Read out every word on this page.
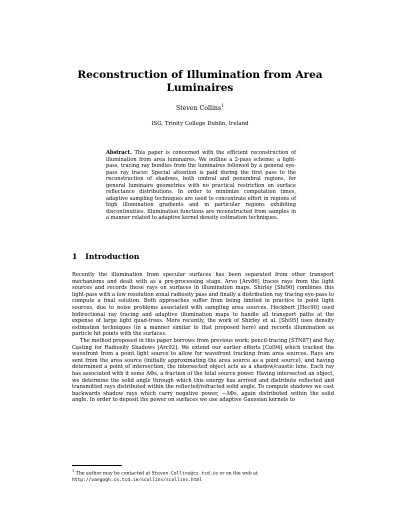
Reconstruction of Illumination from Area Luminaires
Steven Collins$^1$
ISG, Trinity College Dublin, Ireland

Abstract. This paper is concerned with the efficient reconstruction of illumination from area luminaires. We outline a 2-pass scheme; a light-pass, tracing ray bundles from the luminaires followed by a general eye-pass ray tracer. Special attention is paid during the first pass to the reconstruction of shadows, both umbral and penumbral regions, for general luminaire geometries with no practical restriction on surface reflectance distributions. In order to minimize computation times, adaptive sampling techniques are used to concentrate effort in regions of high illumination gradients and in particular regions exhibiting discontinuities. Illumination functions are reconstructed from samples in a manner related to adaptive kernel density estimation techniques.

1 Introduction

Recently the illumination from specular surfaces has been separated from other transport mechanisms and dealt with as a pre-processing stage. Arvo [Arv86] traces rays from the light sources and records these rays on surfaces in illumination maps. Shirley [Shi90] combines this light-pass with a low resolution zonal radiosity pass and finally a distribution ray tracing eye-pass to compute a final solution. Both approaches suffer from being limited in practice to point light sources, due to noise problems associated with sampling area sources. Heckbert [Hec90] used bidirectional ray tracing and adaptive illumination maps to handle all transport paths at the expense of large light quad-trees. More recently, the work of Shirley et al. [Shi95] uses density estimation techniques (in a manner similar to that proposed here) and records illumination as particle hit points with the surfaces.

The method proposed in this paper borrows from previous work; pencil-tracing [STN87] and Ray Casting for Radiosity Shadows [Arc92]. We extend our earlier efforts [Col94] which tracked the wavefront from a point light source to allow for wavefront tracking from area sources. Rays are sent from the area source (initially approximating the area source as a point source), and having determined a point of intersection, the intersected object acts as a shadow/caustic lens. Each ray has associated with it some ΔΦs, a fraction of the total source power. Having intersected an object, we determine the solid angle through which this energy has arrived and distribute reflected and transmitted rays distributed within the reflected/refracted solid angle. To compute shadows we cast backwards shadow rays which carry negative power, −ΔΦs, again distributed within the solid angle. In order to deposit the power on surfaces we use adaptive Gaussian kernels to

$^1$ The author may be contacted at Steven.Collins@cs.tcd.ie or on the web at
http://vangogh.cs.tcd.ie/scollins/scollins.html
